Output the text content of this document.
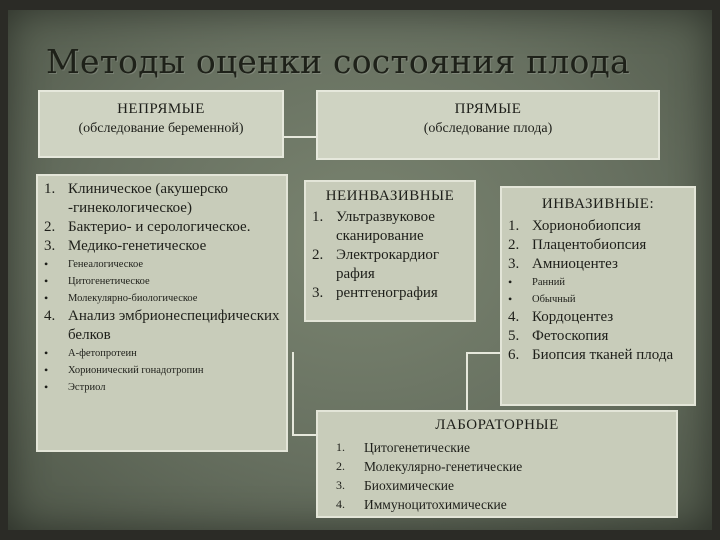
Методы оценки состояния плода
НЕПРЯМЫЕ
(обследование беременной)
ПРЯМЫЕ
(обследование плода)
1. Клиническое (акушерско -гинекологическое)
2. Бактерио- и серологическое.
3. Медико-генетическое
• Генеалогическое
• Цитогенетическое
• Молекулярно-биологическое
4. Анализ эмбрионеспецифических белков
• А-фетопротеин
• Хорионический гонадотропин
• Эстриол
НЕИНВАЗИВНЫЕ
1. Ультразвуковое сканирование
2. Электрокардиог рафия
3. рентгенография
ИНВАЗИВНЫЕ:
1. Хорионобиопсия
2. Плацентобиопсия
3. Амниоцентез
• Ранний
• Обычный
4. Кордоцентез
5. Фетоскопия
6. Биопсия тканей плода
ЛАБОРАТОРНЫЕ
1. Цитогенетические
2. Молекулярно-генетические
3. Биохимические
4. Иммуноцитохимические
